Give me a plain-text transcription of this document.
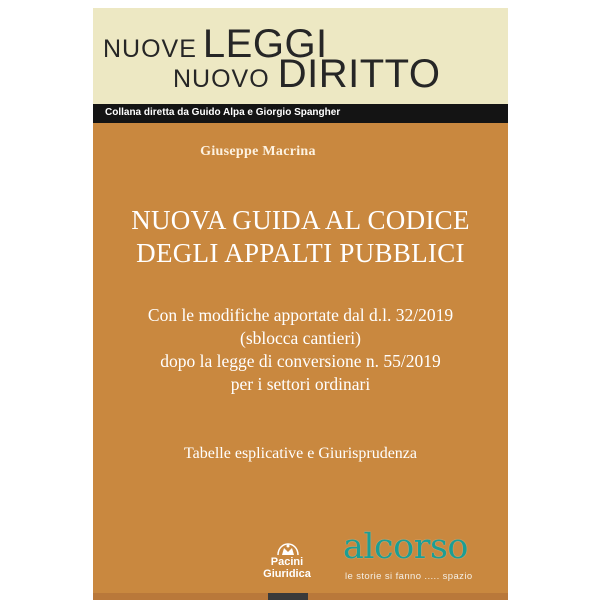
NUOVE LEGGI
NUOVO DIRITTO
Collana diretta da Guido Alpa e Giorgio Spangher
Giuseppe Macrina
NUOVA GUIDA AL CODICE
DEGLI APPALTI PUBBLICI
Con le modifiche apportate dal d.l. 32/2019
(sblocca cantieri)
dopo la legge di conversione n. 55/2019
per i settori ordinari
Tabelle esplicative e Giurisprudenza
Pacini
Giuridica
alcorso
le storie si fanno ..... spazio
